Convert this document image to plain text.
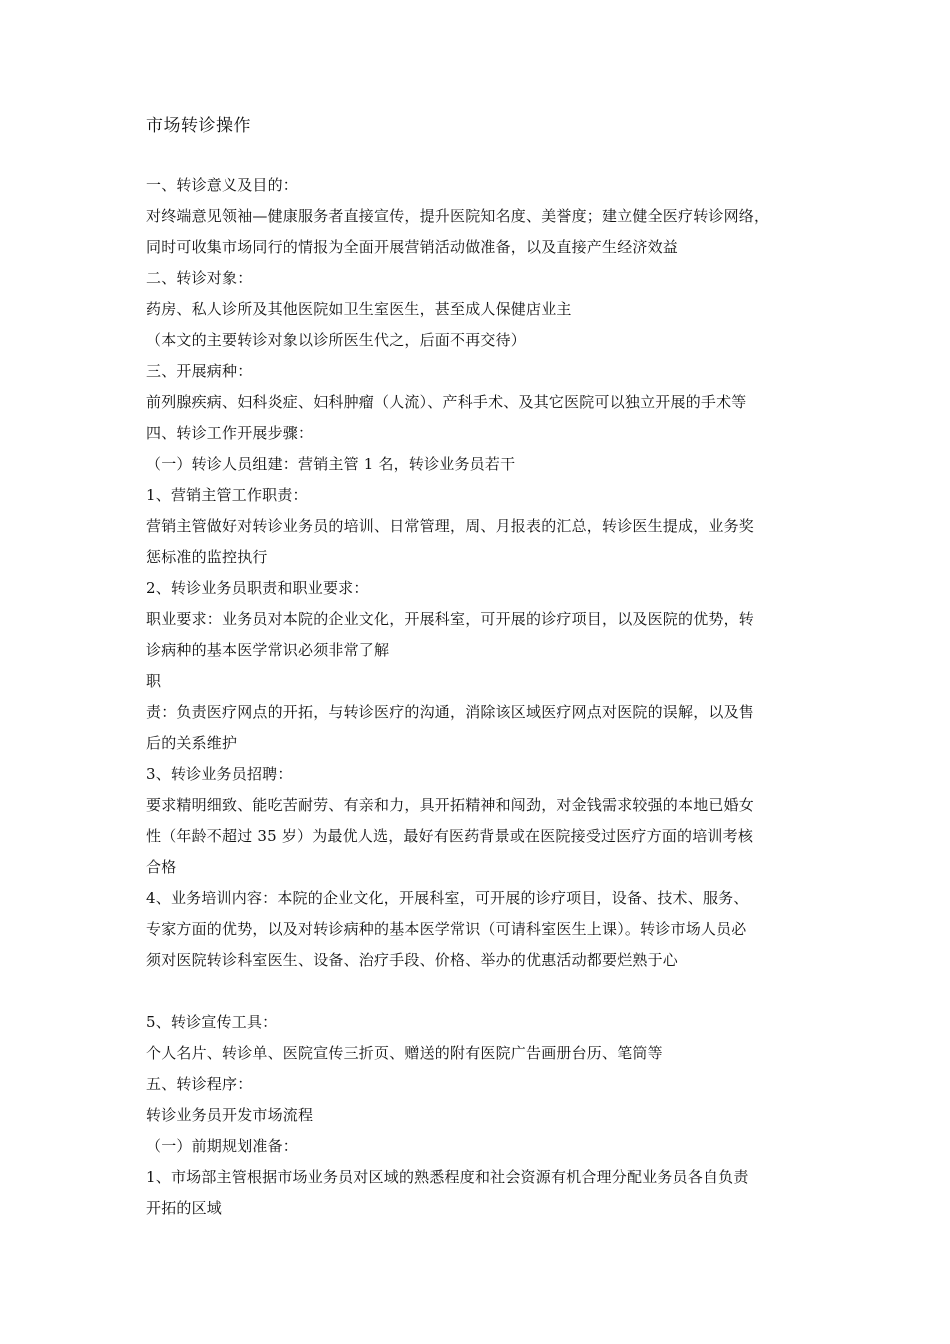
市场转诊操作
一、转诊意义及目的：
对终端意见领袖—健康服务者直接宣传，提升医院知名度、美誉度；建立健全医疗转诊网络，
同时可收集市场同行的情报为全面开展营销活动做准备，以及直接产生经济效益
二、转诊对象：
药房、私人诊所及其他医院如卫生室医生，甚至成人保健店业主
（本文的主要转诊对象以诊所医生代之，后面不再交待）
三、开展病种：
前列腺疾病、妇科炎症、妇科肿瘤（人流）、产科手术、及其它医院可以独立开展的手术等
四、转诊工作开展步骤：
（一）转诊人员组建：营销主管 1 名，转诊业务员若干
1、营销主管工作职责：
营销主管做好对转诊业务员的培训、日常管理，周、月报表的汇总，转诊医生提成，业务奖
惩标准的监控执行
2、转诊业务员职责和职业要求：
职业要求：业务员对本院的企业文化，开展科室，可开展的诊疗项目，以及医院的优势，转
诊病种的基本医学常识必须非常了解
职
责：负责医疗网点的开拓，与转诊医疗的沟通，消除该区域医疗网点对医院的误解，以及售
后的关系维护
3、转诊业务员招聘：
要求精明细致、能吃苦耐劳、有亲和力，具开拓精神和闯劲，对金钱需求较强的本地已婚女
性（年龄不超过 35 岁）为最优人选，最好有医药背景或在医院接受过医疗方面的培训考核
合格
4、业务培训内容：本院的企业文化，开展科室，可开展的诊疗项目，设备、技术、服务、
专家方面的优势，以及对转诊病种的基本医学常识（可请科室医生上课）。转诊市场人员必
须对医院转诊科室医生、设备、治疗手段、价格、举办的优惠活动都要烂熟于心
5、转诊宣传工具：
个人名片、转诊单、医院宣传三折页、赠送的附有医院广告画册台历、笔筒等
五、转诊程序：
转诊业务员开发市场流程
（一）前期规划准备：
1、市场部主管根据市场业务员对区域的熟悉程度和社会资源有机合理分配业务员各自负责
开拓的区域
